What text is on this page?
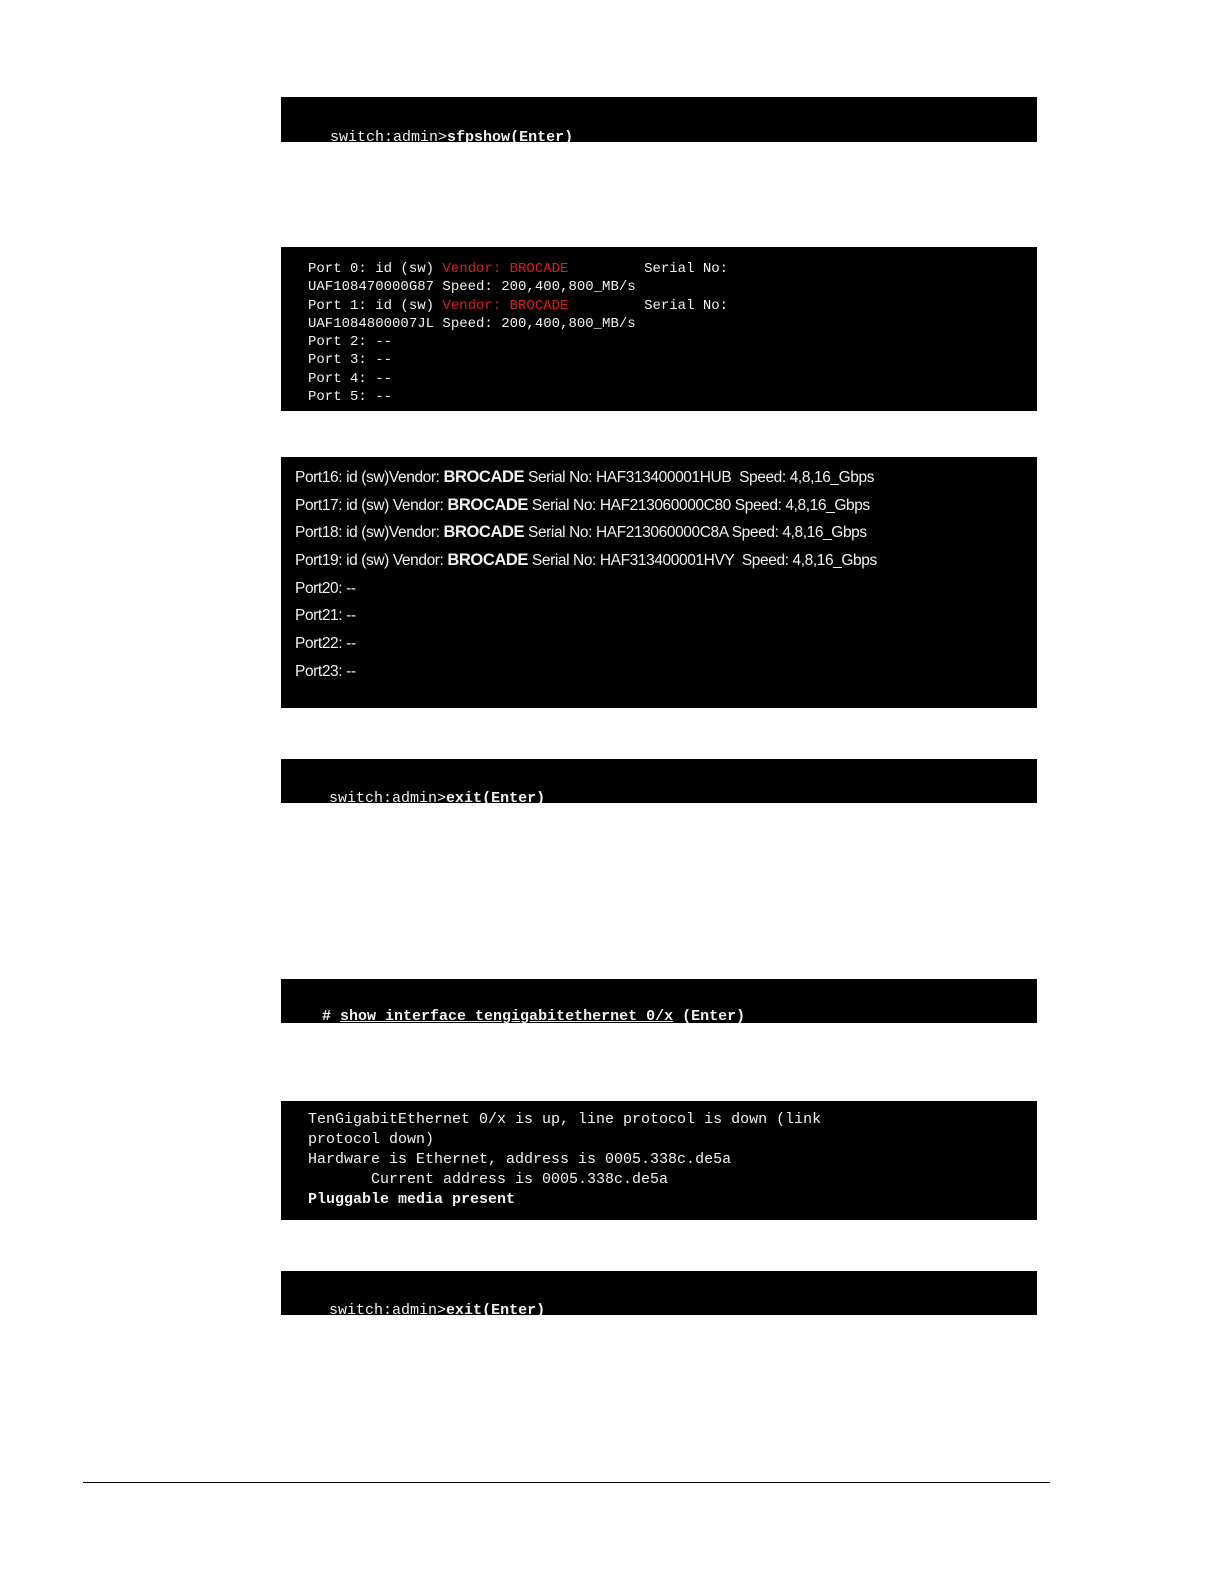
switch:admin>sfpshow(Enter)

Port 0: id (sw) Vendor: BROCADE         Serial No:
UAF108470000G87 Speed: 200,400,800_MB/s
Port 1: id (sw) Vendor: BROCADE         Serial No:
UAF1084800007JL Speed: 200,400,800_MB/s
Port 2: --
Port 3: --
Port 4: --
Port 5: --
Port16: id (sw)Vendor: BROCADE Serial No: HAF313400001HUB  Speed: 4,8,16_Gbps
Port17: id (sw) Vendor: BROCADE Serial No: HAF213060000C80 Speed: 4,8,16_Gbps
Port18: id (sw)Vendor: BROCADE Serial No: HAF213060000C8A Speed: 4,8,16_Gbps
Port19: id (sw) Vendor: BROCADE Serial No: HAF313400001HVY  Speed: 4,8,16_Gbps
Port20: --
Port21: --
Port22: --
Port23: --

switch:admin>exit(Enter)

# show interface tengigabitethernet 0/x (Enter)

TenGigabitEthernet 0/x is up, line protocol is down (link
protocol down)
Hardware is Ethernet, address is 0005.338c.de5a
Current address is 0005.338c.de5a
Pluggable media present

switch:admin>exit(Enter)
